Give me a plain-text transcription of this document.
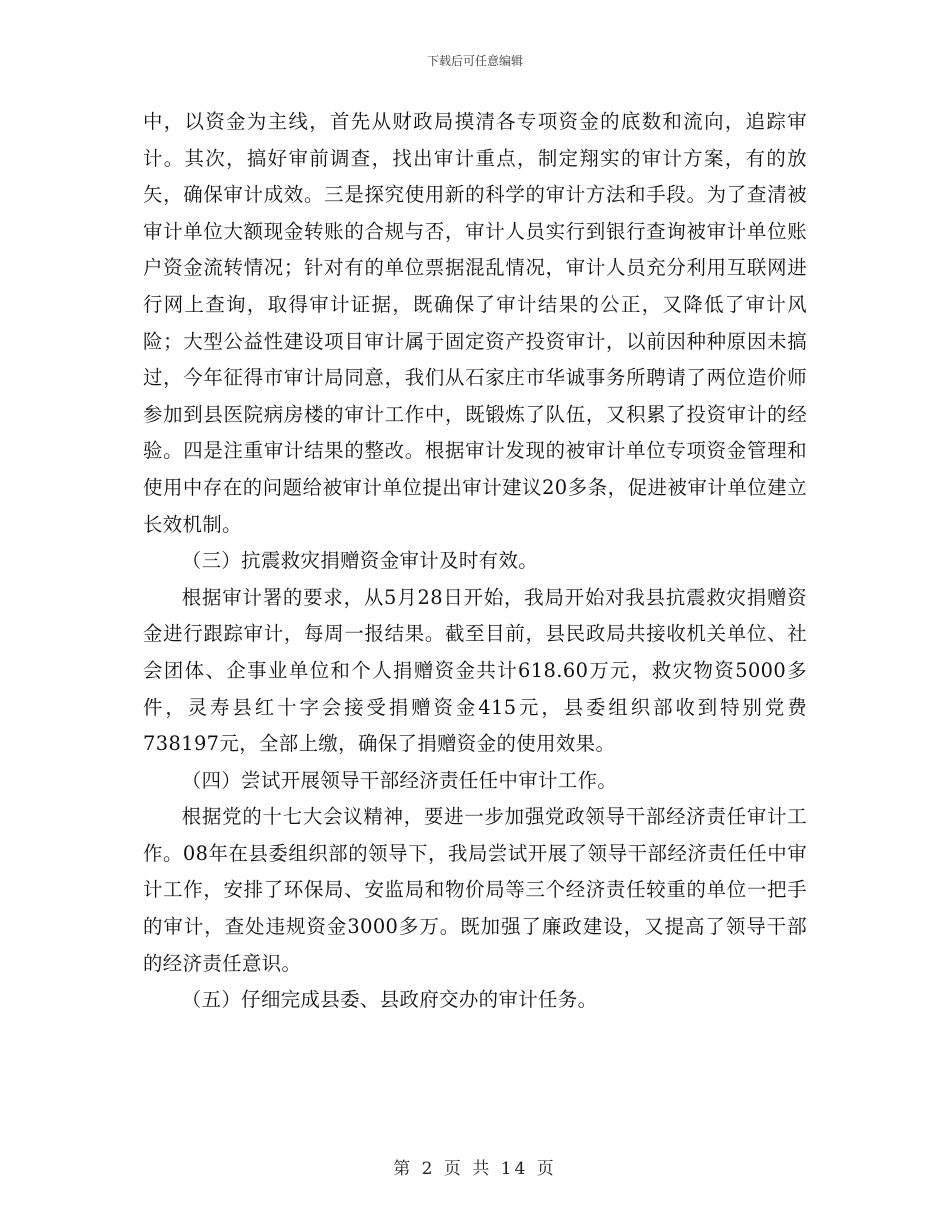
下载后可任意编辑

中，以资金为主线，首先从财政局摸清各专项资金的底数和流向，追踪审计。其次，搞好审前调查，找出审计重点，制定翔实的审计方案，有的放矢，确保审计成效。三是探究使用新的科学的审计方法和手段。为了查清被审计单位大额现金转账的合规与否，审计人员实行到银行查询被审计单位账户资金流转情况；针对有的单位票据混乱情况，审计人员充分利用互联网进行网上查询，取得审计证据，既确保了审计结果的公正，又降低了审计风险；大型公益性建设项目审计属于固定资产投资审计，以前因种种原因未搞过，今年征得市审计局同意，我们从石家庄市华诚事务所聘请了两位造价师参加到县医院病房楼的审计工作中，既锻炼了队伍，又积累了投资审计的经验。四是注重审计结果的整改。根据审计发现的被审计单位专项资金管理和使用中存在的问题给被审计单位提出审计建议20多条，促进被审计单位建立长效机制。

（三）抗震救灾捐赠资金审计及时有效。

根据审计署的要求，从5月28日开始，我局开始对我县抗震救灾捐赠资金进行跟踪审计，每周一报结果。截至目前，县民政局共接收机关单位、社会团体、企事业单位和个人捐赠资金共计618.60万元，救灾物资5000多件，灵寿县红十字会接受捐赠资金415元，县委组织部收到特别党费738197元，全部上缴，确保了捐赠资金的使用效果。

（四）尝试开展领导干部经济责任任中审计工作。

根据党的十七大会议精神，要进一步加强党政领导干部经济责任审计工作。08年在县委组织部的领导下，我局尝试开展了领导干部经济责任任中审计工作，安排了环保局、安监局和物价局等三个经济责任较重的单位一把手的审计，查处违规资金3000多万。既加强了廉政建设，又提高了领导干部的经济责任意识。

（五）仔细完成县委、县政府交办的审计任务。

第 2 页 共 14 页
